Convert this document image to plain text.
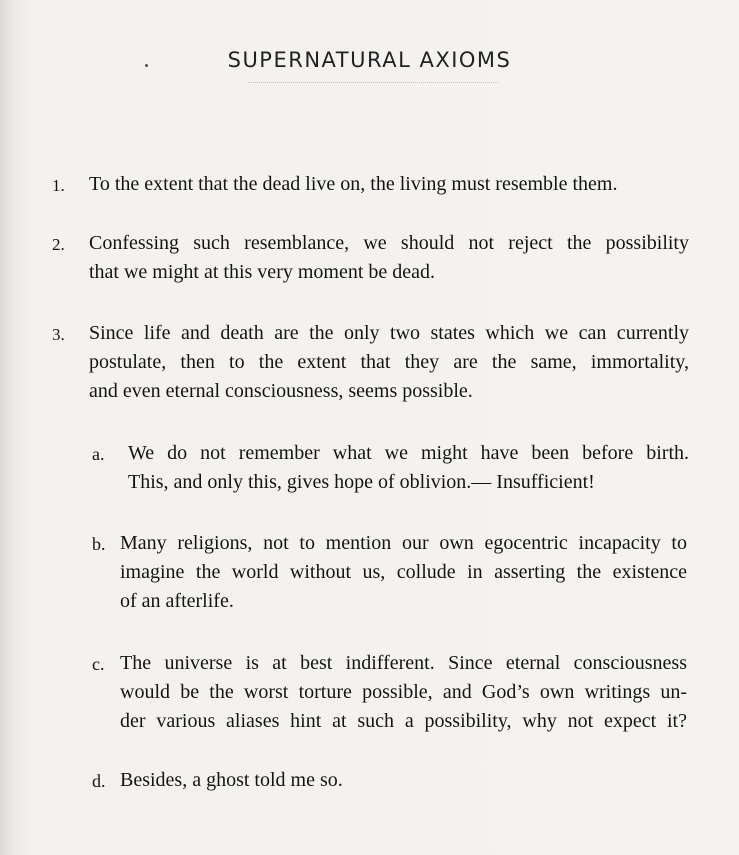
SUPERNATURAL AXIOMS
1. To the extent that the dead live on, the living must resemble them.
2. Confessing such resemblance, we should not reject the possibility
that we might at this very moment be dead.
3. Since life and death are the only two states which we can currently
postulate, then to the extent that they are the same, immortality,
and even eternal consciousness, seems possible.
a. We do not remember what we might have been before birth.
This, and only this, gives hope of oblivion.— Insufficient!
b. Many religions, not to mention our own egocentric incapacity to
imagine the world without us, collude in asserting the existence
of an afterlife.
c. The universe is at best indifferent. Since eternal consciousness
would be the worst torture possible, and God’s own writings un-
der various aliases hint at such a possibility, why not expect it?
d. Besides, a ghost told me so.
